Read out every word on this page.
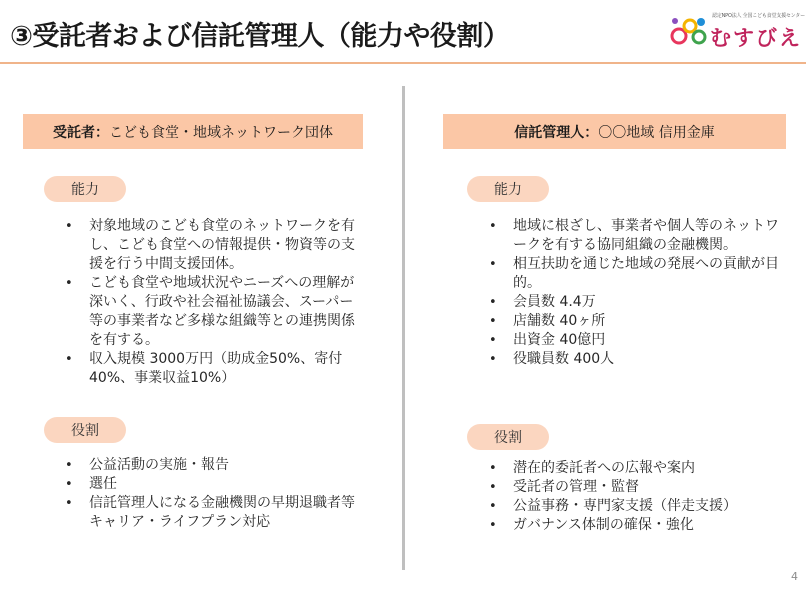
③受託者および信託管理人（能力や役割）
認定NPO法人 全国こども食堂支援センター
むすびえ
受託者： こども食堂・地域ネットワーク団体
能力
• 対象地域のこども食堂のネットワークを有し、こども食堂への情報提供・物資等の支援を行う中間支援団体。
• こども食堂や地域状況やニーズへの理解が深いく、行政や社会福祉協議会、スーパー等の事業者など多様な組織等との連携関係を有する。
• 収入規模 3000万円（助成金50%、寄付40%、事業収益10%）
役割
• 公益活動の実施・報告
• 選任
• 信託管理人になる金融機関の早期退職者等キャリア・ライフプラン対応
信託管理人： 〇〇地域 信用金庫
能力
• 地域に根ざし、事業者や個人等のネットワークを有する協同組織の金融機関。
• 相互扶助を通じた地域の発展への貢献が目的。
• 会員数 4.4万
• 店舗数 40ヶ所
• 出資金 40億円
• 役職員数 400人
役割
• 潜在的委託者への広報や案内
• 受託者の管理・監督
• 公益事務・専門家支援（伴走支援）
• ガバナンス体制の確保・強化
4
